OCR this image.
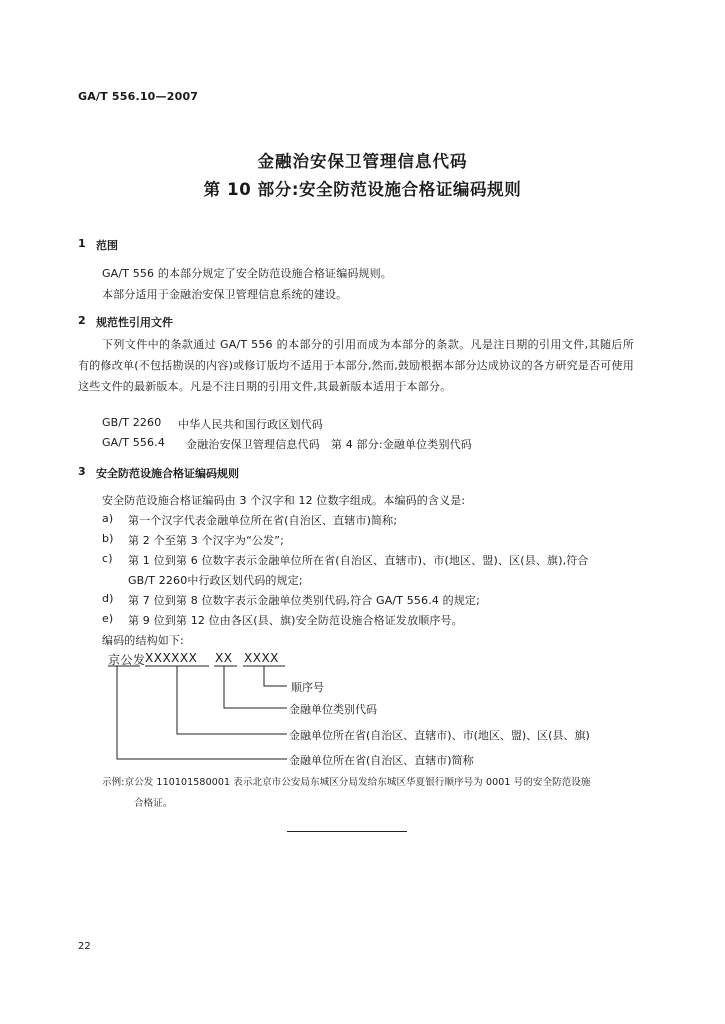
GA/T 556.10—2007
金融治安保卫管理信息代码
第 10 部分:安全防范设施合格证编码规则
1 范围
GA/T 556 的本部分规定了安全防范设施合格证编码规则。
本部分适用于金融治安保卫管理信息系统的建设。
2 规范性引用文件
下列文件中的条款通过 GA/T 556 的本部分的引用而成为本部分的条款。凡是注日期的引用文件,其随后所有的修改单(不包括勘误的内容)或修订版均不适用于本部分,然而,鼓励根据本部分达成协议的各方研究是否可使用这些文件的最新版本。凡是不注日期的引用文件,其最新版本适用于本部分。
GB/T 2260 中华人民共和国行政区划代码
GA/T 556.4 金融治安保卫管理信息代码　第 4 部分:金融单位类别代码
3 安全防范设施合格证编码规则
安全防范设施合格证编码由 3 个汉字和 12 位数字组成。本编码的含义是:
a) 第一个汉字代表金融单位所在省(自治区、直辖市)简称;
b) 第 2 个至第 3 个汉字为“公发”;
c) 第 1 位到第 6 位数字表示金融单位所在省(自治区、直辖市)、市(地区、盟)、区(县、旗),符合
GB/T 2260中行政区划代码的规定;
d) 第 7 位到第 8 位数字表示金融单位类别代码,符合 GA/T 556.4 的规定;
e) 第 9 位到第 12 位由各区(县、旗)安全防范设施合格证发放顺序号。
编码的结构如下:
京公发 XXXXXX XX XXXX
顺序号
金融单位类别代码
金融单位所在省(自治区、直辖市)、市(地区、盟)、区(县、旗)
金融单位所在省(自治区、直辖市)简称
示例:京公发 110101580001 表示北京市公安局东城区分局发给东城区华夏银行顺序号为 0001 号的安全防范设施
合格证。
22
